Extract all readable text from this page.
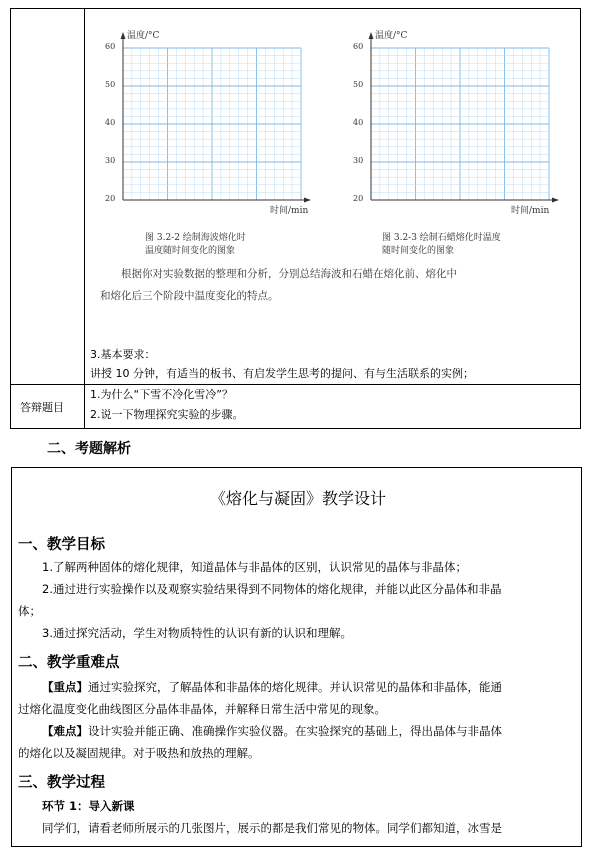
温度/°C
时间/min
60
50
40
30
20
图 3.2-2 绘制海波熔化时
温度随时间变化的图象
温度/°C
时间/min
60
50
40
30
20
图 3.2-3 绘制石蜡熔化时温度
随时间变化的图象
根据你对实验数据的整理和分析，分别总结海波和石蜡在熔化前、熔化中
和熔化后三个阶段中温度变化的特点。
3.基本要求：
讲授 10 分钟，有适当的板书、有启发学生思考的提问、有与生活联系的实例；
答辩题目
1.为什么“下雪不冷化雪冷”？
2.说一下物理探究实验的步骤。
二、考题解析
《熔化与凝固》教学设计
一、教学目标
1.了解两种固体的熔化规律，知道晶体与非晶体的区别，认识常见的晶体与非晶体；
2.通过进行实验操作以及观察实验结果得到不同物体的熔化规律，并能以此区分晶体和非晶
体；
3.通过探究活动，学生对物质特性的认识有新的认识和理解。
二、教学重难点
【重点】通过实验探究，了解晶体和非晶体的熔化规律。并认识常见的晶体和非晶体，能通
过熔化温度变化曲线图区分晶体非晶体，并解释日常生活中常见的现象。
【难点】设计实验并能正确、准确操作实验仪器。在实验探究的基础上，得出晶体与非晶体
的熔化以及凝固规律。对于吸热和放热的理解。
三、教学过程
环节 1：导入新课
同学们，请看老师所展示的几张图片，展示的都是我们常见的物体。同学们都知道，冰雪是
